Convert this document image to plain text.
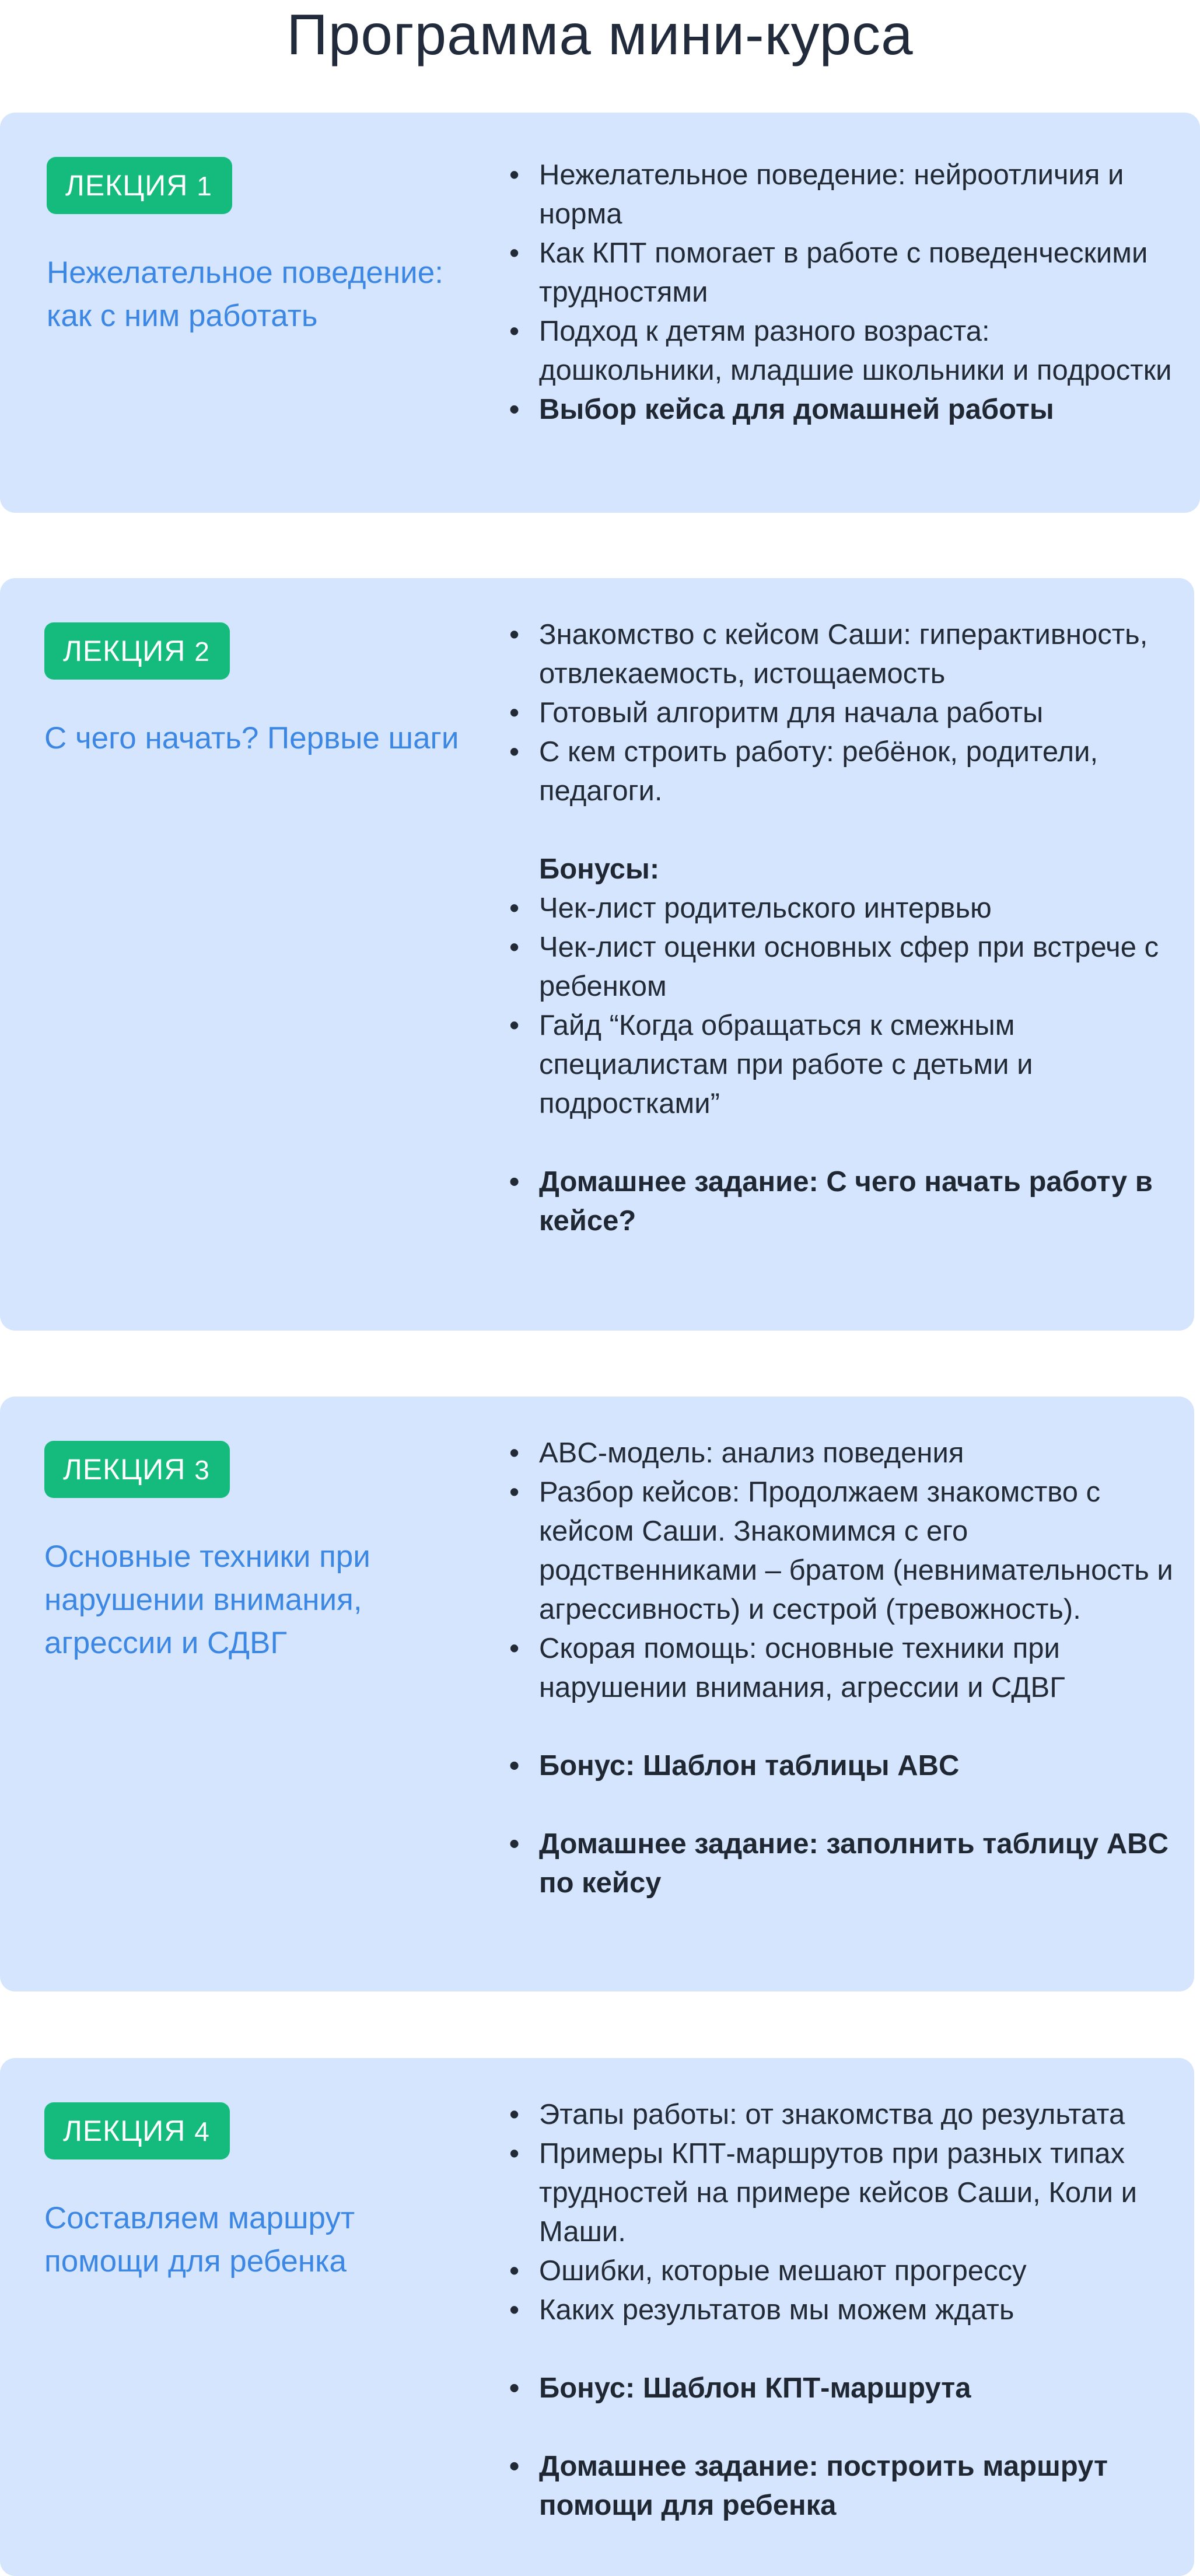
Программа мини-курса
ЛЕКЦИЯ 1
Нежелательное поведение: как с ним работать
• Нежелательное поведение: нейроотличия и норма
• Как КПТ помогает в работе с поведенческими трудностями
• Подход к детям разного возраста: дошкольники, младшие школьники и подростки
• Выбор кейса для домашней работы
ЛЕКЦИЯ 2
С чего начать? Первые шаги
• Знакомство с кейсом Саши: гиперактивность, отвлекаемость, истощаемость
• Готовый алгоритм для начала работы
• С кем строить работу: ребёнок, родители, педагоги.
Бонусы:
• Чек-лист родительского интервью
• Чек-лист оценки основных сфер при встрече с ребенком
• Гайд “Когда обращаться к смежным специалистам при работе с детьми и подростками”
• Домашнее задание: С чего начать работу в кейсе?
ЛЕКЦИЯ 3
Основные техники при нарушении внимания, агрессии и СДВГ
• ABC-модель: анализ поведения
• Разбор кейсов: Продолжаем знакомство с кейсом Саши. Знакомимся с его родственниками – братом (невнимательность и агрессивность) и сестрой (тревожность).
• Скорая помощь: основные техники при нарушении внимания, агрессии и СДВГ
• Бонус: Шаблон таблицы ABC
• Домашнее задание: заполнить таблицу ABC по кейсу
ЛЕКЦИЯ 4
Составляем маршрут помощи для ребенка
• Этапы работы: от знакомства до результата
• Примеры КПТ-маршрутов при разных типах трудностей на примере кейсов Саши, Коли и Маши.
• Ошибки, которые мешают прогрессу
• Каких результатов мы можем ждать
• Бонус: Шаблон КПТ-маршрута
• Домашнее задание: построить маршрут помощи для ребенка
